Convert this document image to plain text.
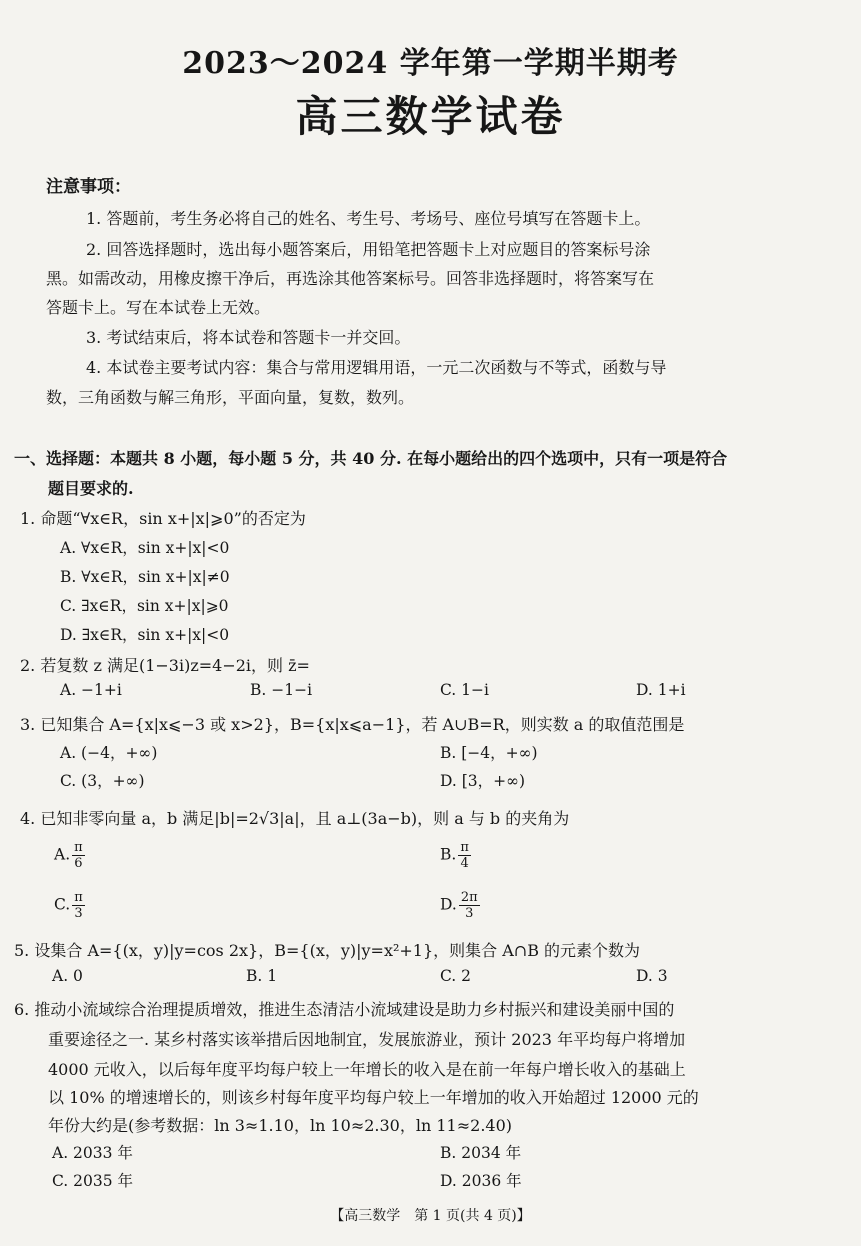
2023～2024 学年第一学期半期考
高三数学试卷
注意事项：
1. 答题前，考生务必将自己的姓名、考生号、考场号、座位号填写在答题卡上。
2. 回答选择题时，选出每小题答案后，用铅笔把答题卡上对应题目的答案标号涂
黑。如需改动，用橡皮擦干净后，再选涂其他答案标号。回答非选择题时，将答案写在
答题卡上。写在本试卷上无效。
3. 考试结束后，将本试卷和答题卡一并交回。
4. 本试卷主要考试内容：集合与常用逻辑用语，一元二次函数与不等式，函数与导
数，三角函数与解三角形，平面向量，复数，数列。
一、选择题：本题共 8 小题，每小题 5 分，共 40 分. 在每小题给出的四个选项中，只有一项是符合
题目要求的.
1. 命题“∀x∈R，sin x+|x|⩾0”的否定为
A. ∀x∈R，sin x+|x|<0
B. ∀x∈R，sin x+|x|≠0
C. ∃x∈R，sin x+|x|⩾0
D. ∃x∈R，sin x+|x|<0
2. 若复数 z 满足(1−3i)z=4−2i，则 z̄=
A. −1+i	B. −1−i	C. 1−i	D. 1+i
3. 已知集合 A={x|x⩽−3 或 x>2}，B={x|x⩽a−1}，若 A∪B=R，则实数 a 的取值范围是
A. (−4，+∞)	B. [−4，+∞)
C. (3，+∞)	D. [3，+∞)
4. 已知非零向量 a，b 满足|b|=2√3|a|，且 a⊥(3a−b)，则 a 与 b 的夹角为
A. $\frac{\pi}{6}$	B. $\frac{\pi}{4}$
C. $\frac{\pi}{3}$	D. $\frac{2\pi}{3}$
5. 设集合 A={(x，y)|y=cos 2x}，B={(x，y)|y=x²+1}，则集合 A∩B 的元素个数为
A. 0	B. 1	C. 2	D. 3
6. 推动小流域综合治理提质增效，推进生态清洁小流域建设是助力乡村振兴和建设美丽中国的
重要途径之一. 某乡村落实该举措后因地制宜，发展旅游业，预计 2023 年平均每户将增加
4000 元收入，以后每年度平均每户较上一年增长的收入是在前一年每户增长收入的基础上
以 10% 的增速增长的，则该乡村每年度平均每户较上一年增加的收入开始超过 12000 元的
年份大约是(参考数据：ln 3≈1.10，ln 10≈2.30，ln 11≈2.40)
A. 2033 年	B. 2034 年
C. 2035 年	D. 2036 年
【高三数学　第 1 页(共 4 页)】
